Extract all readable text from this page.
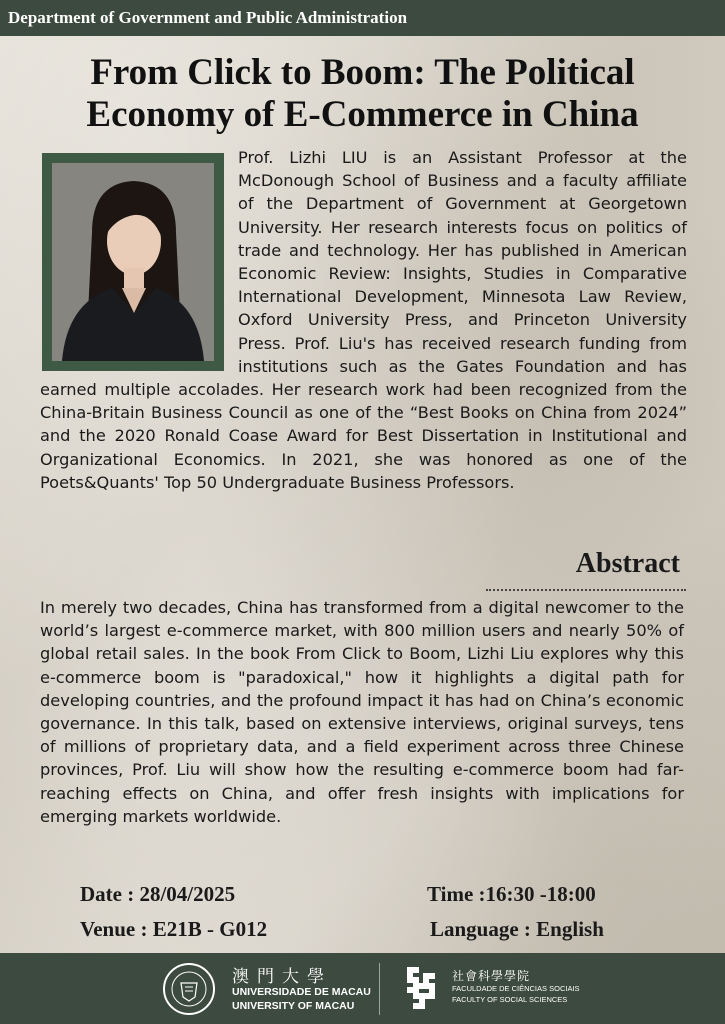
Department of Government and Public Administration
From Click to Boom: The Political
Economy of E-Commerce in China
Prof. Lizhi LIU is an Assistant Professor at the McDonough School of Business and a faculty affiliate of the Department of Government at Georgetown University. Her research interests focus on politics of trade and technology. Her has published in American Economic Review: Insights, Studies in Comparative International Development, Minnesota Law Review, Oxford University Press, and Princeton University Press. Prof. Liu's has received research funding from institutions such as the Gates Foundation and has earned multiple accolades. Her research work had been recognized from the China-Britain Business Council as one of the “Best Books on China from 2024” and the 2020 Ronald Coase Award for Best Dissertation in Institutional and Organizational Economics. In 2021, she was honored as one of the Poets&Quants' Top 50 Undergraduate Business Professors.
Abstract
In merely two decades, China has transformed from a digital newcomer to the world’s largest e-commerce market, with 800 million users and nearly 50% of global retail sales. In the book From Click to Boom, Lizhi Liu explores why this e-commerce boom is "paradoxical," how it highlights a digital path for developing countries, and the profound impact it has had on China’s economic governance. In this talk, based on extensive interviews, original surveys, tens of millions of proprietary data, and a field experiment across three Chinese provinces, Prof. Liu will show how the resulting e-commerce boom had far-reaching effects on China, and offer fresh insights with implications for emerging markets worldwide.
Date : 28/04/2025	Time :16:30 -18:00
Venue : E21B - G012	Language : English
澳門大學
UNIVERSIDADE DE MACAU
UNIVERSITY OF MACAU
社會科學學院
FACULDADE DE CIÊNCIAS SOCIAIS
FACULTY OF SOCIAL SCIENCES
